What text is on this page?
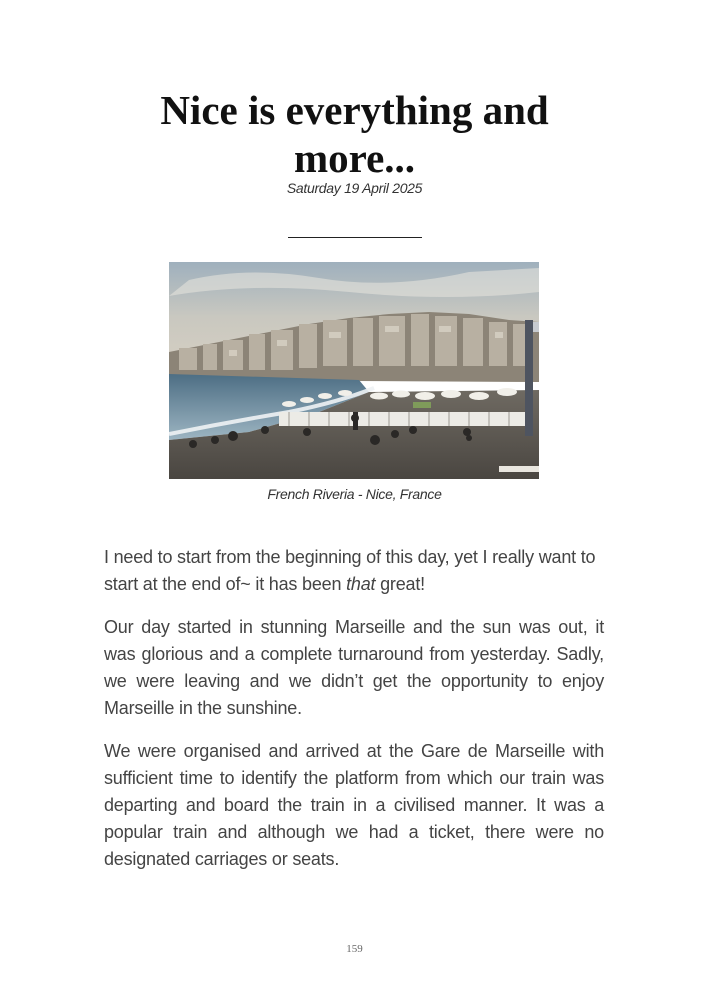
Nice is everything and more...
Saturday 19 April 2025
French Riveria - Nice, France

I need to start from the beginning of this day, yet I really want to start at the end of~ it has been that great!

Our day started in stunning Marseille and the sun was out, it was glorious and a complete turnaround from yesterday. Sadly, we were leaving and we didn’t get the opportunity to enjoy Marseille in the sunshine.

We were organised and arrived at the Gare de Marseille with sufficient time to identify the platform from which our train was departing and board the train in a civilised manner. It was a popular train and although we had a ticket, there were no designated carriages or seats.

159
